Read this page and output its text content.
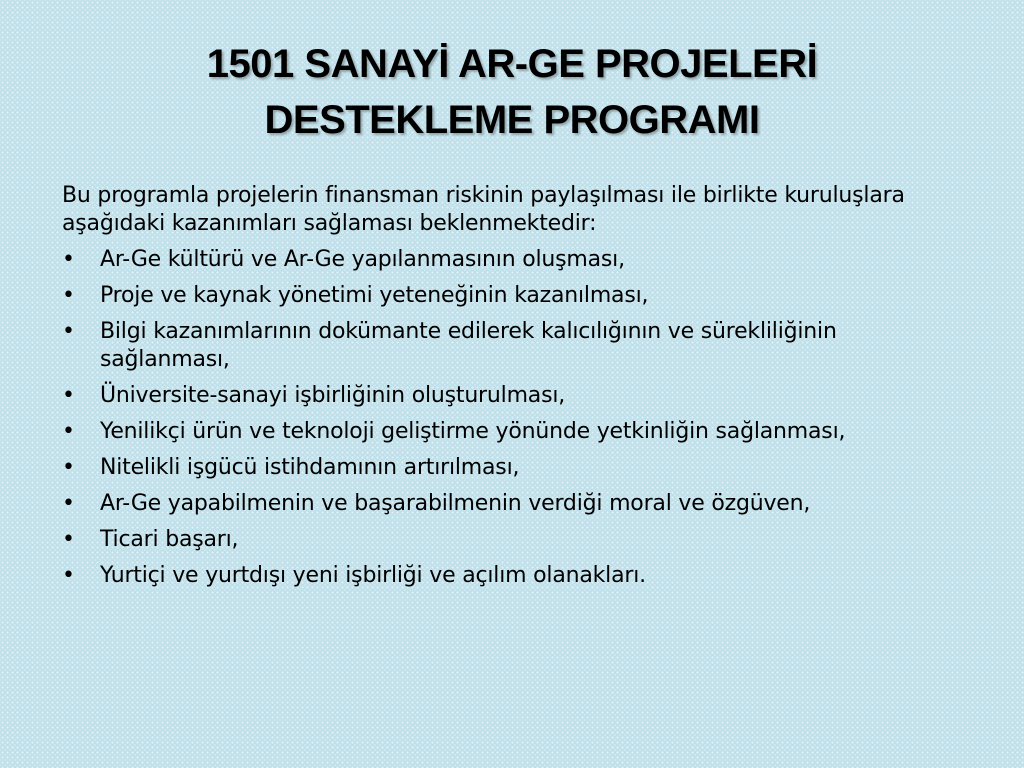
1501 SANAYİ AR-GE PROJELERİ
DESTEKLEME PROGRAMI

Bu programla projelerin finansman riskinin paylaşılması ile birlikte kuruluşlara aşağıdaki kazanımları sağlaması beklenmektedir:

•	Ar-Ge kültürü ve Ar-Ge yapılanmasının oluşması,
•	Proje ve kaynak yönetimi yeteneğinin kazanılması,
•	Bilgi kazanımlarının dokümante edilerek kalıcılığının ve sürekliliğinin sağlanması,
•	Üniversite-sanayi işbirliğinin oluşturulması,
•	Yenilikçi ürün ve teknoloji geliştirme yönünde yetkinliğin sağlanması,
•	Nitelikli işgücü istihdamının artırılması,
•	Ar-Ge yapabilmenin ve başarabilmenin verdiği moral ve özgüven,
•	Ticari başarı,
•	Yurtiçi ve yurtdışı yeni işbirliği ve açılım olanakları.
